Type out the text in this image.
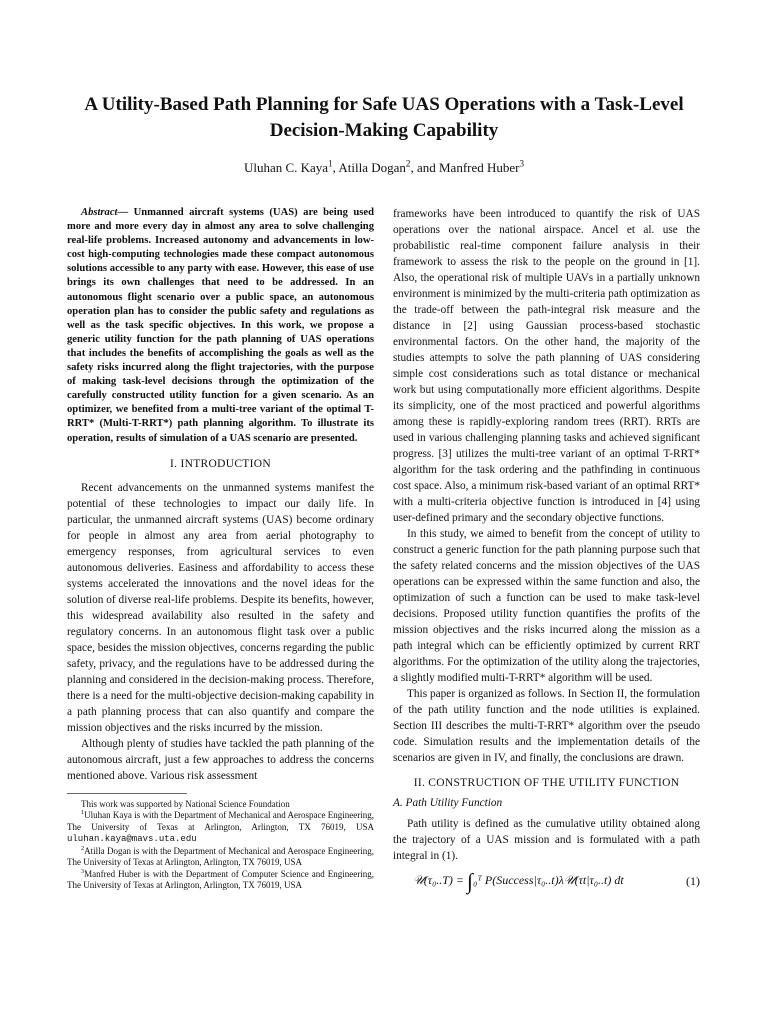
A Utility-Based Path Planning for Safe UAS Operations with a Task-Level Decision-Making Capability
Uluhan C. Kaya$^1$, Atilla Dogan$^2$, and Manfred Huber$^3$

Abstract— Unmanned aircraft systems (UAS) are being used more and more every day in almost any area to solve challenging real-life problems. Increased autonomy and advancements in low-cost high-computing technologies made these compact autonomous solutions accessible to any party with ease. However, this ease of use brings its own challenges that need to be addressed. In an autonomous flight scenario over a public space, an autonomous operation plan has to consider the public safety and regulations as well as the task specific objectives. In this work, we propose a generic utility function for the path planning of UAS operations that includes the benefits of accomplishing the goals as well as the safety risks incurred along the flight trajectories, with the purpose of making task-level decisions through the optimization of the carefully constructed utility function for a given scenario. As an optimizer, we benefited from a multi-tree variant of the optimal T-RRT* (Multi-T-RRT*) path planning algorithm. To illustrate its operation, results of simulation of a UAS scenario are presented.

I. INTRODUCTION

Recent advancements on the unmanned systems manifest the potential of these technologies to impact our daily life. In particular, the unmanned aircraft systems (UAS) become ordinary for people in almost any area from aerial photography to emergency responses, from agricultural services to even autonomous deliveries. Easiness and affordability to access these systems accelerated the innovations and the novel ideas for the solution of diverse real-life problems. Despite its benefits, however, this widespread availability also resulted in the safety and regulatory concerns. In an autonomous flight task over a public space, besides the mission objectives, concerns regarding the public safety, privacy, and the regulations have to be addressed during the planning and considered in the decision-making process. Therefore, there is a need for the multi-objective decision-making capability in a path planning process that can also quantify and compare the mission objectives and the risks incurred by the mission.

Although plenty of studies have tackled the path planning of the autonomous aircraft, just a few approaches to address the concerns mentioned above. Various risk assessment

This work was supported by National Science Foundation

$^1$Uluhan Kaya is with the Department of Mechanical and Aerospace Engineering, The University of Texas at Arlington, Arlington, TX 76019, USA uluhan.kaya@mavs.uta.edu

$^2$Atilla Dogan is with the Department of Mechanical and Aerospace Engineering, The University of Texas at Arlington, Arlington, TX 76019, USA

$^3$Manfred Huber is with the Department of Computer Science and Engineering, The University of Texas at Arlington, Arlington, TX 76019, USA

frameworks have been introduced to quantify the risk of UAS operations over the national airspace. Ancel et al. use the probabilistic real-time component failure analysis in their framework to assess the risk to the people on the ground in [1]. Also, the operational risk of multiple UAVs in a partially unknown environment is minimized by the multi-criteria path optimization as the trade-off between the path-integral risk measure and the distance in [2] using Gaussian process-based stochastic environmental factors. On the other hand, the majority of the studies attempts to solve the path planning of UAS considering simple cost considerations such as total distance or mechanical work but using computationally more efficient algorithms. Despite its simplicity, one of the most practiced and powerful algorithms among these is rapidly-exploring random trees (RRT). RRTs are used in various challenging planning tasks and achieved significant progress. [3] utilizes the multi-tree variant of an optimal T-RRT* algorithm for the task ordering and the pathfinding in continuous cost space. Also, a minimum risk-based variant of an optimal RRT* with a multi-criteria objective function is introduced in [4] using user-defined primary and the secondary objective functions.

In this study, we aimed to benefit from the concept of utility to construct a generic function for the path planning purpose such that the safety related concerns and the mission objectives of the UAS operations can be expressed within the same function and also, the optimization of such a function can be used to make task-level decisions. Proposed utility function quantifies the profits of the mission objectives and the risks incurred along the mission as a path integral which can be efficiently optimized by current RRT algorithms. For the optimization of the utility along the trajectories, a slightly modified multi-T-RRT* algorithm will be used.

This paper is organized as follows. In Section II, the formulation of the path utility function and the node utilities is explained. Section III describes the multi-T-RRT* algorithm over the pseudo code. Simulation results and the implementation details of the scenarios are given in IV, and finally, the conclusions are drawn.

II. CONSTRUCTION OF THE UTILITY FUNCTION
A. Path Utility Function

Path utility is defined as the cumulative utility obtained along the trajectory of a UAS mission and is formulated with a path integral in (1).

𝒰(τ₀..T) = ∫₀ᵀ P(Success|τ₀..t)λ𝒰(τt|τ₀..t) dt	(1)
